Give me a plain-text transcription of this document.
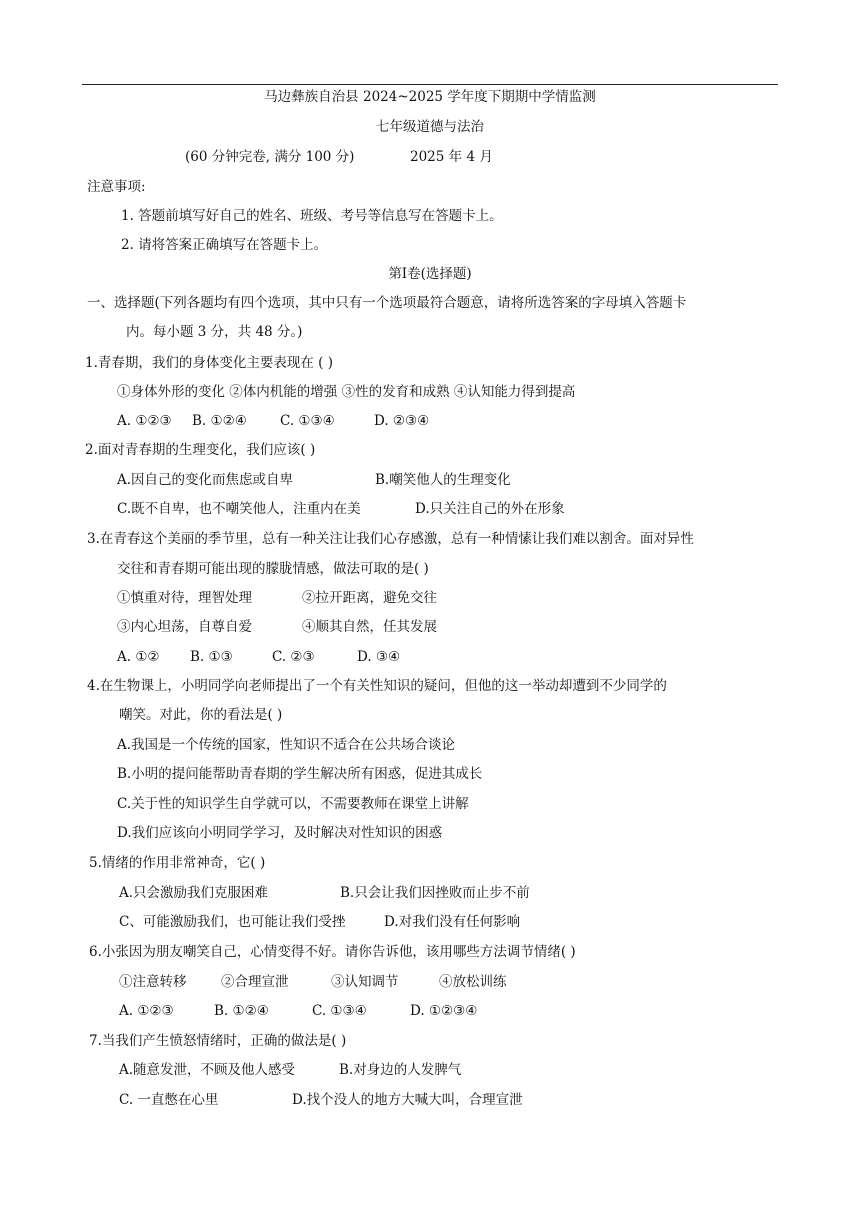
马边彝族自治县 2024~2025 学年度下期期中学情监测
七年级道德与法治
(60 分钟完卷, 满分 100 分)	2025 年 4 月
注意事项:
1. 答题前填写好自己的姓名、班级、考号等信息写在答题卡上。
2. 请将答案正确填写在答题卡上。
第Ⅰ卷(选择题)
一、选择题(下列各题均有四个选项，其中只有一个选项最符合题意，请将所选答案的字母填入答题卡
内。每小题 3 分，共 48 分。)
1.青春期，我们的身体变化主要表现在 ( )
①身体外形的变化 ②体内机能的增强 ③性的发育和成熟 ④认知能力得到提高
A. ①②③ B. ①②④ C. ①③④	D. ②③④
2.面对青春期的生理变化，我们应该( )
A.因自己的变化而焦虑或自卑	B.嘲笑他人的生理变化
C.既不自卑，也不嘲笑他人，注重内在美	D.只关注自己的外在形象
3.在青春这个美丽的季节里，总有一种关注让我们心存感激，总有一种情愫让我们难以割舍。面对异性
交往和青春期可能出现的朦胧情感，做法可取的是( )
①慎重对待，理智处理	②拉开距离，避免交往
③内心坦荡，自尊自爱	④顺其自然，任其发展
A. ①② B. ①③	C. ②③	D. ③④
4.在生物课上，小明同学向老师提出了一个有关性知识的疑问，但他的这一举动却遭到不少同学的
嘲笑。对此，你的看法是( )
A.我国是一个传统的国家，性知识不适合在公共场合谈论
B.小明的提问能帮助青春期的学生解决所有困惑，促进其成长
C.关于性的知识学生自学就可以，不需要教师在课堂上讲解
D.我们应该向小明同学学习，及时解决对性知识的困惑
5.情绪的作用非常神奇，它( )
A.只会激励我们克服困难	B.只会让我们因挫败而止步不前
C、可能激励我们，也可能让我们受挫	D.对我们没有任何影响
6.小张因为朋友嘲笑自己，心情变得不好。请你告诉他，该用哪些方法调节情绪( )
①注意转移	②合理宣泄	③认知调节	④放松训练
A. ①②③	B. ①②④	C. ①③④	D. ①②③④
7.当我们产生愤怒情绪时，正确的做法是( )
A.随意发泄，不顾及他人感受	B.对身边的人发脾气
C. 一直憋在心里	D.找个没人的地方大喊大叫，合理宣泄
